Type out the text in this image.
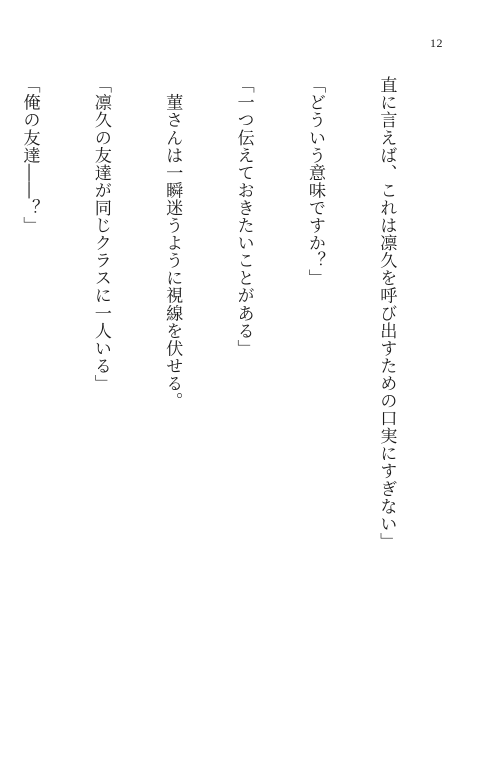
12

直に言えば、これは凛久を呼び出すための口実にすぎない」

「どういう意味ですか？」

「一つ伝えておきたいことがある」

　菫さんは一瞬迷うように視線を伏せる。

「凛久の友達が同じクラスに一人いる」

「俺の友達――？」
